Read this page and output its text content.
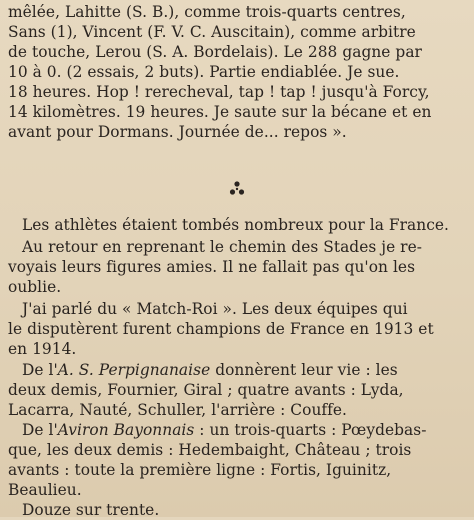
mêlée, Lahitte (S. B.), comme trois-quarts centres,
Sans (1), Vincent (F. V. C. Auscitain), comme arbitre
de touche, Lerou (S. A. Bordelais). Le 288 gagne par
10 à 0. (2 essais, 2 buts). Partie endiablée. Je sue.
18 heures. Hop ! rerecheval, tap ! tap ! jusqu'à Forcy,
14 kilomètres. 19 heures. Je saute sur la bécane et en
avant pour Dormans. Journée de... repos ».
Les athlètes étaient tombés nombreux pour la France.
Au retour en reprenant le chemin des Stades je re-
voyais leurs figures amies. Il ne fallait pas qu'on les
oublie.
J'ai parlé du « Match-Roi ». Les deux équipes qui
le disputèrent furent champions de France en 1913 et
en 1914.
De l'A. S. Perpignanaise donnèrent leur vie : les
deux demis, Fournier, Giral ; quatre avants : Lyda,
Lacarra, Nauté, Schuller, l'arrière : Couffe.
De l'Aviron Bayonnais : un trois-quarts : Pœydebas-
que, les deux demis : Hedembaight, Château ; trois
avants : toute la première ligne : Fortis, Iguinitz,
Beaulieu.
Douze sur trente.
